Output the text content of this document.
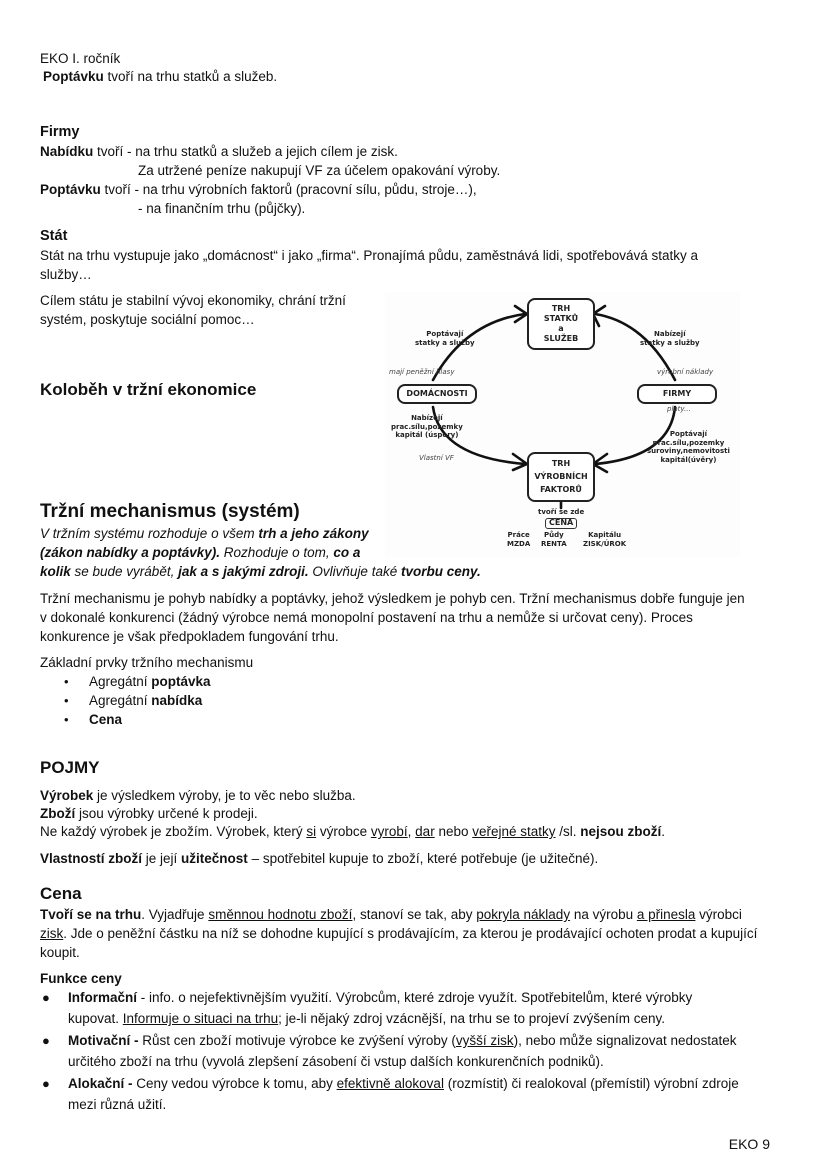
EKO I. ročník
Poptávku tvoří na trhu statků a služeb.
Firmy
Nabídku tvoří - na trhu statků a služeb a jejich cílem je zisk.
Za utržené peníze nakupují VF za účelem opakování výroby.
Poptávku tvoří - na trhu výrobních faktorů (pracovní sílu, půdu, stroje…),
- na finančním trhu (půjčky).
Stát
Stát na trhu vystupuje jako „domácnost“ i jako „firma“. Pronajímá půdu, zaměstnává lidi, spotřebovává statky a
služby…
Cílem státu je stabilní vývoj ekonomiky, chrání tržní
systém, poskytuje sociální pomoc…
Koloběh v tržní ekonomice
TRH
STATKŮ
a
SLUŽEB
DOMÁCNOSTI	FIRMY
TRH
VÝROBNÍCH
FAKTORŮ
Poptávají
statky a služby
Nabízejí
statky a služby
mají peněžní hlasy	výrobní náklady
platy...
Nabízejí
prac.sílu,pozemky
kapitál (úspory)
Vlastní VF
Poptávají
prac.sílu,pozemky
suroviny,nemovitosti
kapitál(úvěry)
tvoří se zde
CENA
Práce
MZDA
Půdy
RENTA
Kapitálu
ZISK/ÚROK
Tržní mechanismus (systém)
V tržním systému rozhoduje o všem trh a jeho zákony
(zákon nabídky a poptávky). Rozhoduje o tom, co a
kolik se bude vyrábět, jak a s jakými zdroji. Ovlivňuje také tvorbu ceny.
Tržní mechanismu je pohyb nabídky a poptávky, jehož výsledkem je pohyb cen. Tržní mechanismus dobře funguje jen
v dokonalé konkurenci (žádný výrobce nemá monopolní postavení na trhu a nemůže si určovat ceny). Proces
konkurence je však předpokladem fungování trhu.
Základní prvky tržního mechanismu
• Agregátní poptávka
• Agregátní nabídka
• Cena
POJMY
Výrobek je výsledkem výroby, je to věc nebo služba.
Zboží jsou výrobky určené k prodeji.
Ne každý výrobek je zbožím. Výrobek, který si výrobce vyrobí, dar nebo veřejné statky /sl. nejsou zboží.
Vlastností zboží je její užitečnost – spotřebitel kupuje to zboží, které potřebuje (je užitečné).
Cena
Tvoří se na trhu. Vyjadřuje směnnou hodnotu zboží, stanoví se tak, aby pokryla náklady na výrobu a přinesla výrobci
zisk. Jde o peněžní částku na níž se dohodne kupující s prodávajícím, za kterou je prodávající ochoten prodat a kupující
koupit.
Funkce ceny
● Informační - info. o nejefektivnějším využití. Výrobcům, které zdroje využít. Spotřebitelům, které výrobky
kupovat. Informuje o situaci na trhu; je-li nějaký zdroj vzácnější, na trhu se to projeví zvýšením ceny.
● Motivační - Růst cen zboží motivuje výrobce ke zvýšení výroby (vyšší zisk), nebo může signalizovat nedostatek
určitého zboží na trhu (vyvolá zlepšení zásobení či vstup dalších konkurenčních podniků).
● Alokační - Ceny vedou výrobce k tomu, aby efektivně alokoval (rozmístit) či realokoval (přemístil) výrobní zdroje
mezi různá užití.
EKO 9
